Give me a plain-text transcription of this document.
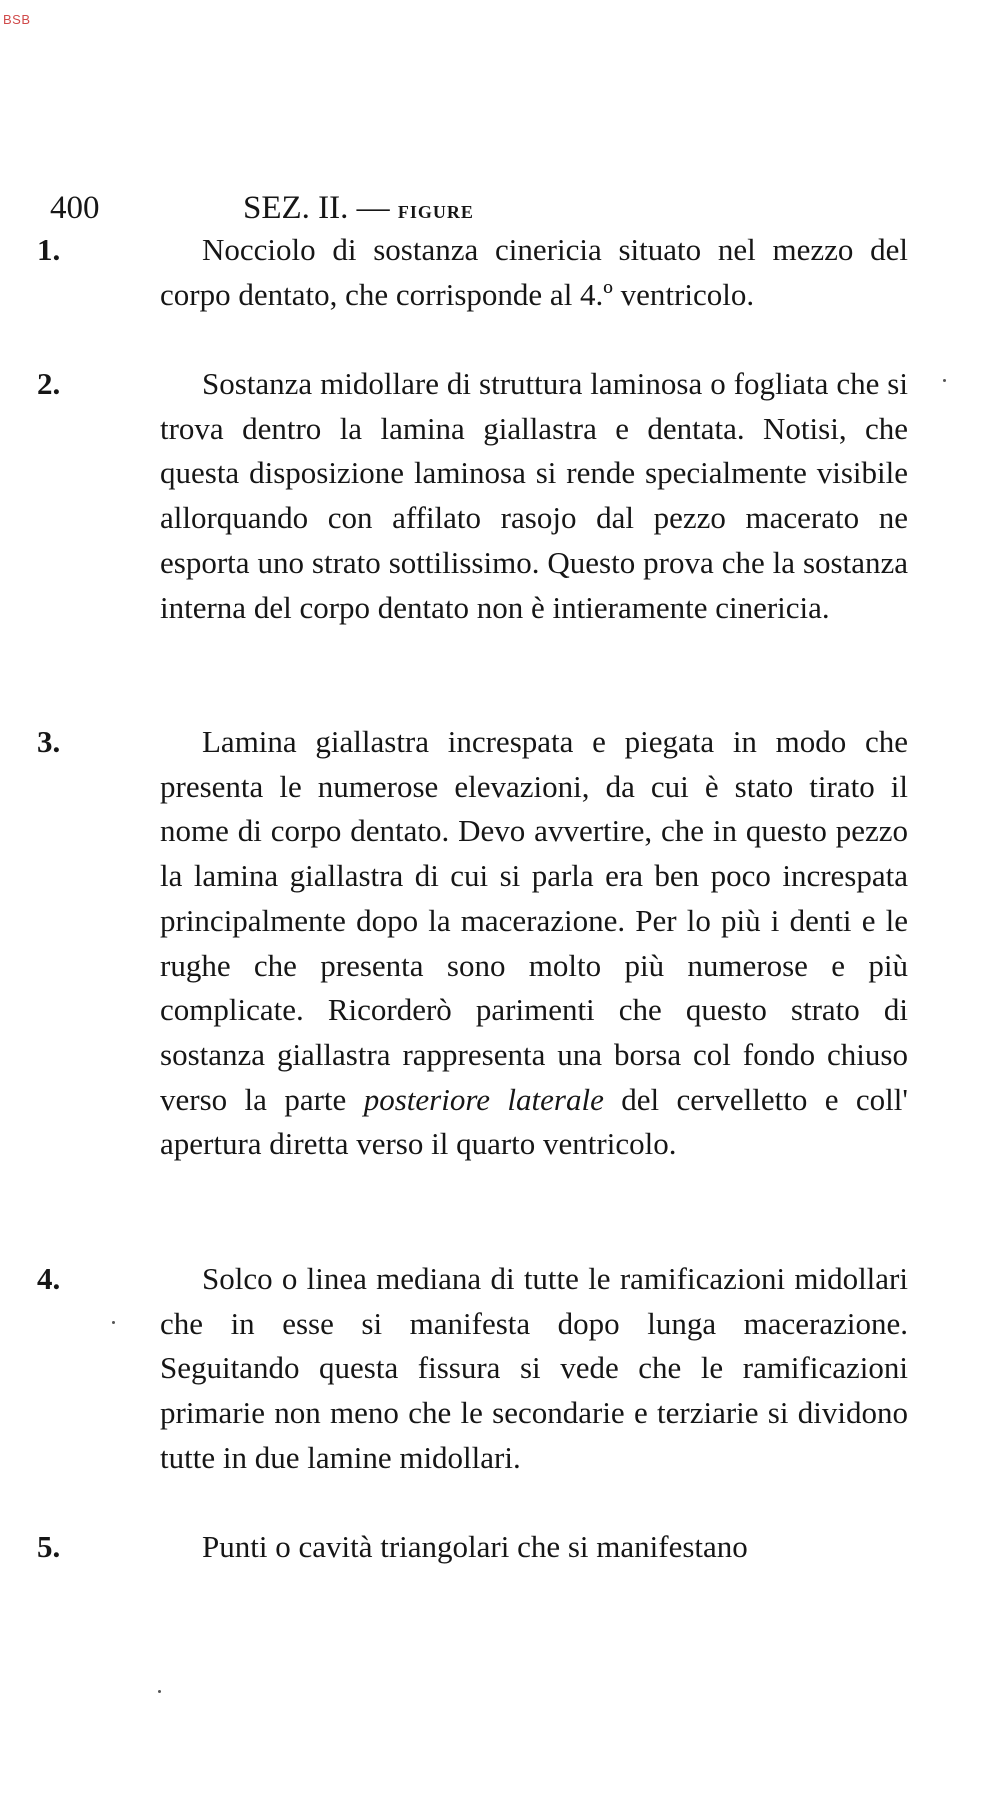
BSB
400	SEZ. II. — FIGURE
1.	Nocciolo di sostanza cinericia situato nel mezzo del corpo dentato, che corrisponde al 4.º ventricolo.
2.	Sostanza midollare di struttura laminosa o fogliata che si trova dentro la lamina giallastra e dentata. Notisi, che questa disposizione laminosa si rende specialmente visibile allorquando con affilato rasojo dal pezzo macerato ne esporta uno strato sottilissimo. Questo prova che la sostanza interna del corpo dentato non è intieramente cinericia.
3.	Lamina giallastra increspata e piegata in modo che presenta le numerose elevazioni, da cui è stato tirato il nome di corpo dentato. Devo avvertire, che in questo pezzo la lamina giallastra di cui si parla era ben poco increspata principalmente dopo la macerazione. Per lo più i denti e le rughe che presenta sono molto più numerose e più complicate. Ricorderò parimenti che questo strato di sostanza giallastra rappresenta una borsa col fondo chiuso verso la parte posteriore laterale del cervelletto e coll' apertura diretta verso il quarto ventricolo.
4.	Solco o linea mediana di tutte le ramificazioni midollari che in esse si manifesta dopo lunga macerazione. Seguitando questa fissura si vede che le ramificazioni primarie non meno che le secondarie e terziarie si dividono tutte in due lamine midollari.
5.	Punti o cavità triangolari che si manifestano
